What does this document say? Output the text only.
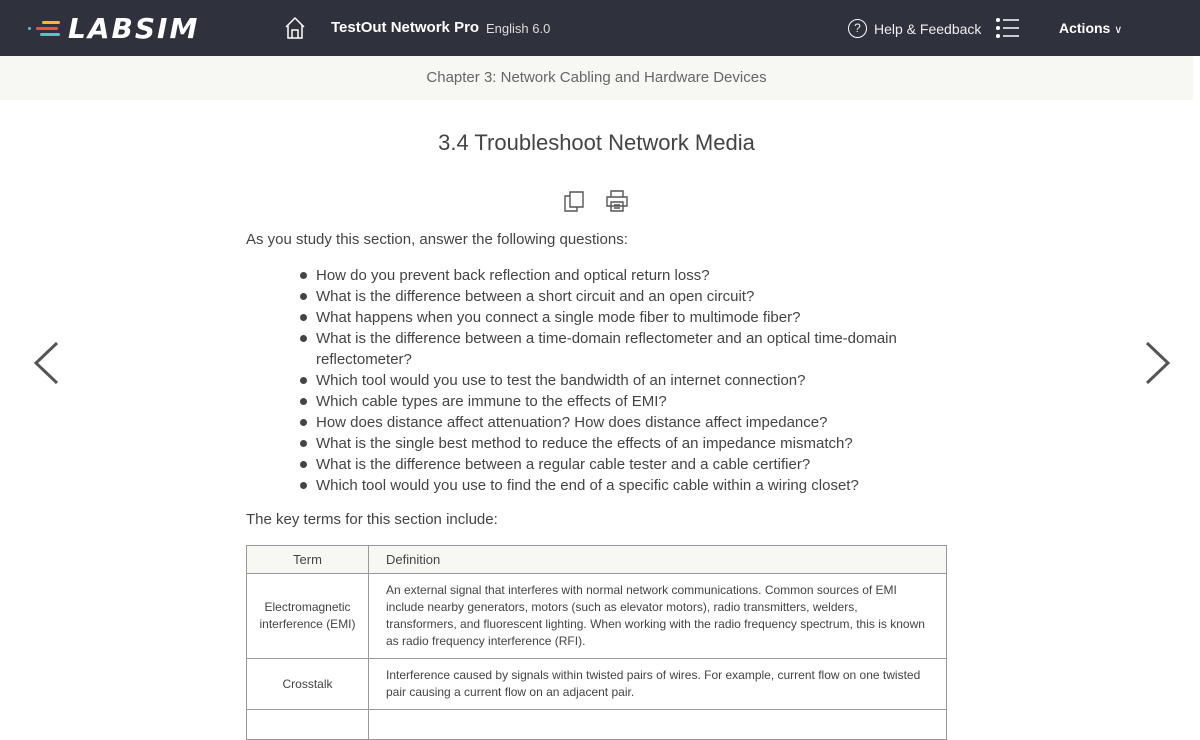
LABSIM	TestOut Network Pro English 6.0	? Help & Feedback	Actions ∨
Chapter 3: Network Cabling and Hardware Devices
3.4 Troubleshoot Network Media
As you study this section, answer the following questions:
How do you prevent back reflection and optical return loss?
What is the difference between a short circuit and an open circuit?
What happens when you connect a single mode fiber to multimode fiber?
What is the difference between a time-domain reflectometer and an optical time-domain reflectometer?
Which tool would you use to test the bandwidth of an internet connection?
Which cable types are immune to the effects of EMI?
How does distance affect attenuation? How does distance affect impedance?
What is the single best method to reduce the effects of an impedance mismatch?
What is the difference between a regular cable tester and a cable certifier?
Which tool would you use to find the end of a specific cable within a wiring closet?
The key terms for this section include:
Term	Definition
Electromagnetic interference (EMI)	An external signal that interferes with normal network communications. Common sources of EMI include nearby generators, motors (such as elevator motors), radio transmitters, welders, transformers, and fluorescent lighting. When working with the radio frequency spectrum, this is known as radio frequency interference (RFI).
Crosstalk	Interference caused by signals within twisted pairs of wires. For example, current flow on one twisted pair causing a current flow on an adjacent pair.
